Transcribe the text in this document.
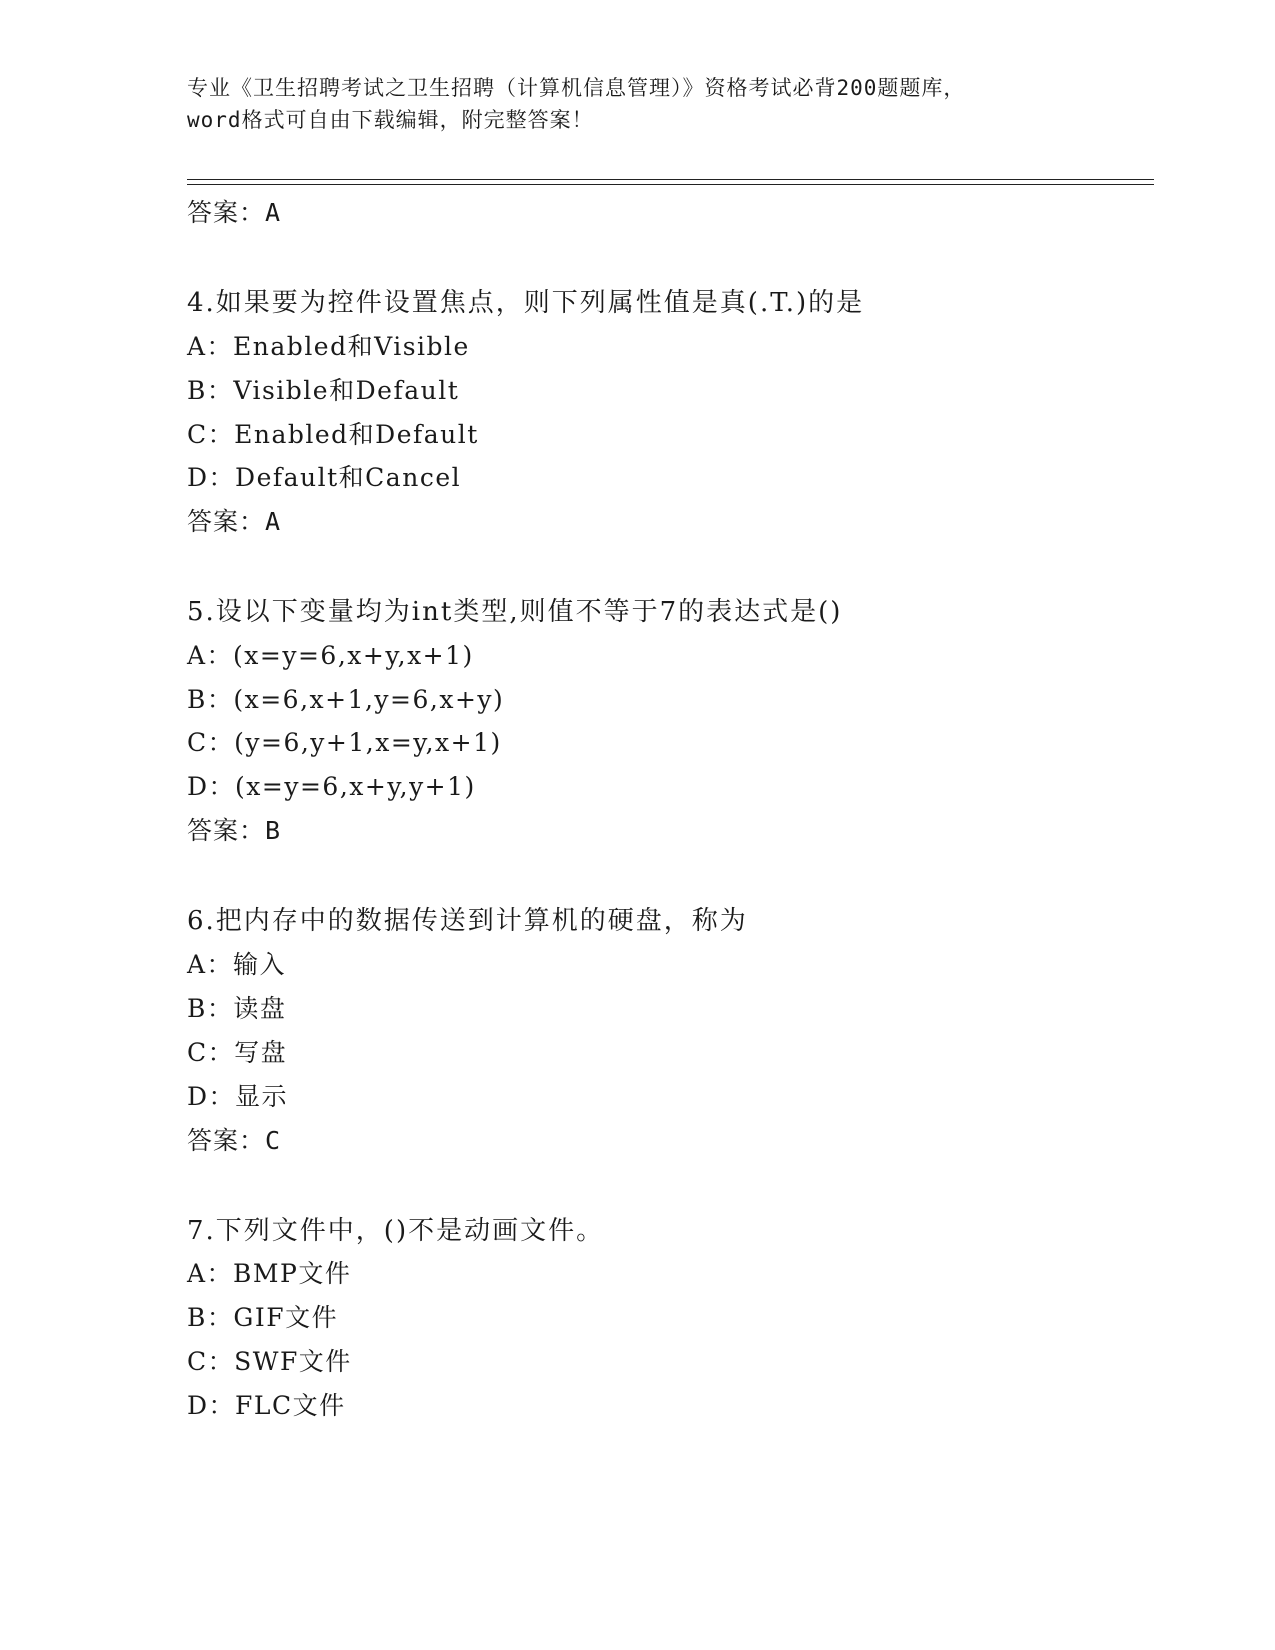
专业《卫生招聘考试之卫生招聘（计算机信息管理）》资格考试必背200题题库，
word格式可自由下载编辑，附完整答案！
答案：A
4.如果要为控件设置焦点，则下列属性值是真(.T.)的是
A：Enabled和Visible
B：Visible和Default
C：Enabled和Default
D：Default和Cancel
答案：A
5.设以下变量均为int类型,则值不等于7的表达式是()
A：(x=y=6,x+y,x+1)
B：(x=6,x+1,y=6,x+y)
C：(y=6,y+1,x=y,x+1)
D：(x=y=6,x+y,y+1)
答案：B
6.把内存中的数据传送到计算机的硬盘，称为
A：输入
B：读盘
C：写盘
D：显示
答案：C
7.下列文件中，()不是动画文件。
A：BMP文件
B：GIF文件
C：SWF文件
D：FLC文件
